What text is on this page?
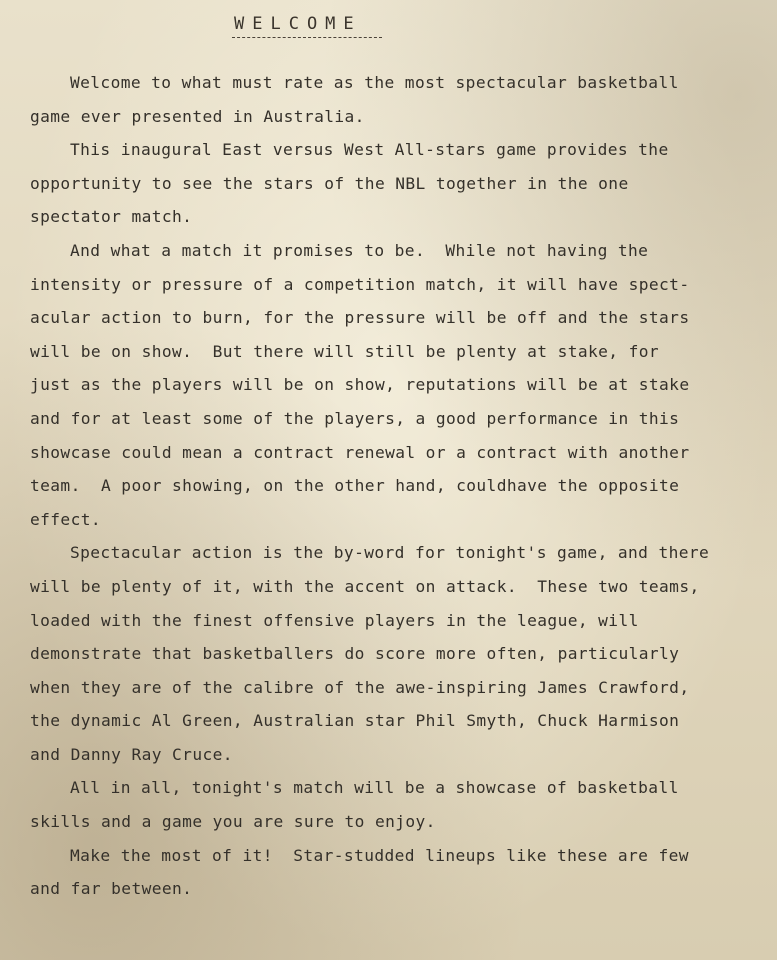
WELCOME
Welcome to what must rate as the most spectacular basketball
game ever presented in Australia.
This inaugural East versus West All-stars game provides the
opportunity to see the stars of the NBL together in the one
spectator match.
And what a match it promises to be.  While not having the
intensity or pressure of a competition match, it will have spect-
acular action to burn, for the pressure will be off and the stars
will be on show.  But there will still be plenty at stake, for
just as the players will be on show, reputations will be at stake
and for at least some of the players, a good performance in this
showcase could mean a contract renewal or a contract with another
team.  A poor showing, on the other hand, couldhave the opposite
effect.
Spectacular action is the by-word for tonight's game, and there
will be plenty of it, with the accent on attack.  These two teams,
loaded with the finest offensive players in the league, will
demonstrate that basketballers do score more often, particularly
when they are of the calibre of the awe-inspiring James Crawford,
the dynamic Al Green, Australian star Phil Smyth, Chuck Harmison
and Danny Ray Cruce.
All in all, tonight's match will be a showcase of basketball
skills and a game you are sure to enjoy.
Make the most of it!  Star-studded lineups like these are few
and far between.
